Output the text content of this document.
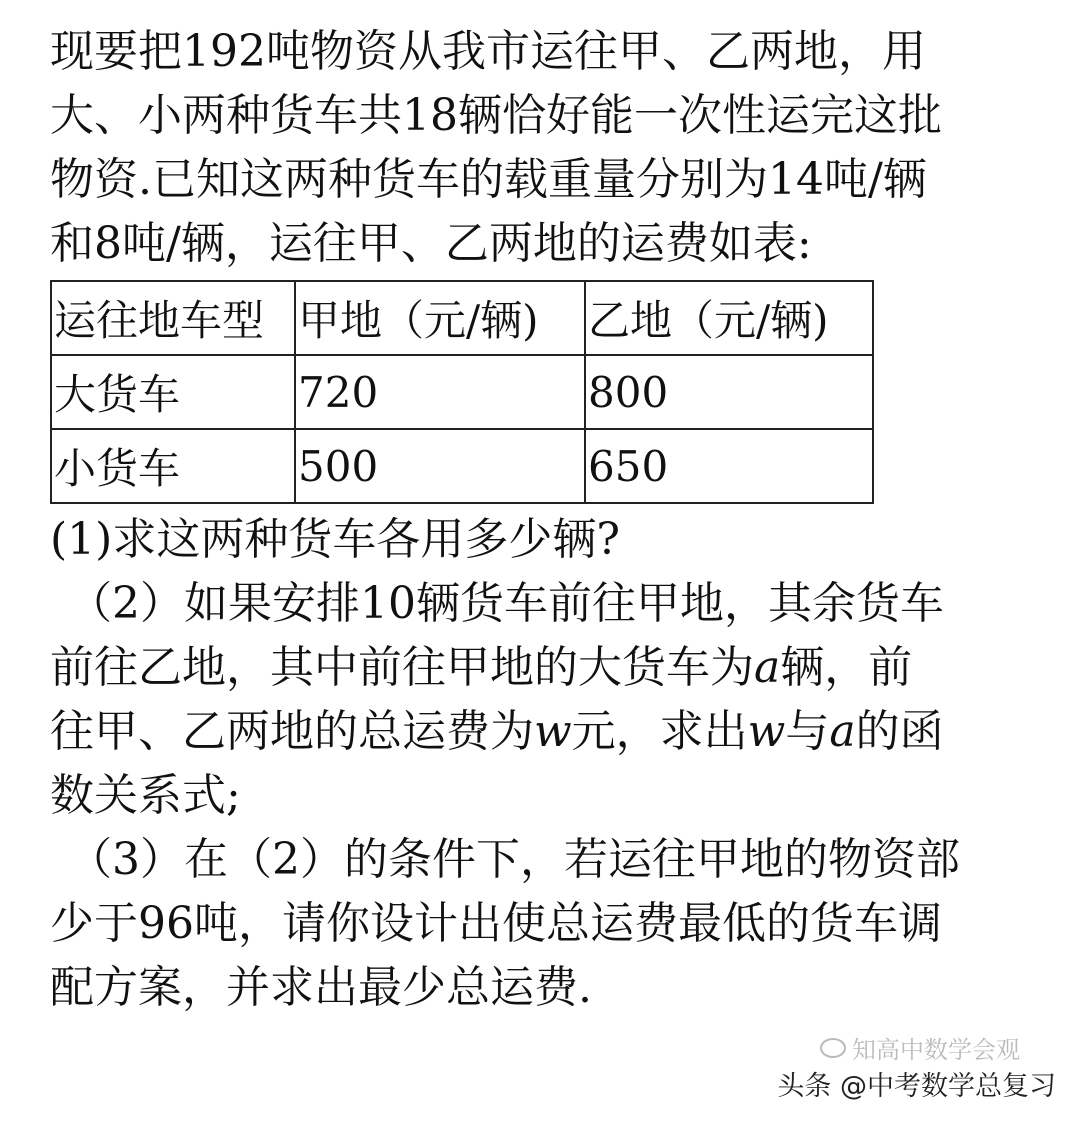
现要把192吨物资从我市运往甲、乙两地，用
大、小两种货车共18辆恰好能一次性运完这批
物资.已知这两种货车的载重量分别为14吨/辆
和8吨/辆，运往甲、乙两地的运费如表:
运往地车型	甲地（元/辆)	乙地（元/辆)
大货车	720	800
小货车	500	650
(1)求这两种货车各用多少辆?
（2）如果安排10辆货车前往甲地，其余货车
前往乙地，其中前往甲地的大货车为a辆，前
往甲、乙两地的总运费为w元，求出w与a的函
数关系式;
（3）在（2）的条件下，若运往甲地的物资部
少于96吨，请你设计出使总运费最低的货车调
配方案，并求出最少总运费.
知高中数学会观
头条 @中考数学总复习
